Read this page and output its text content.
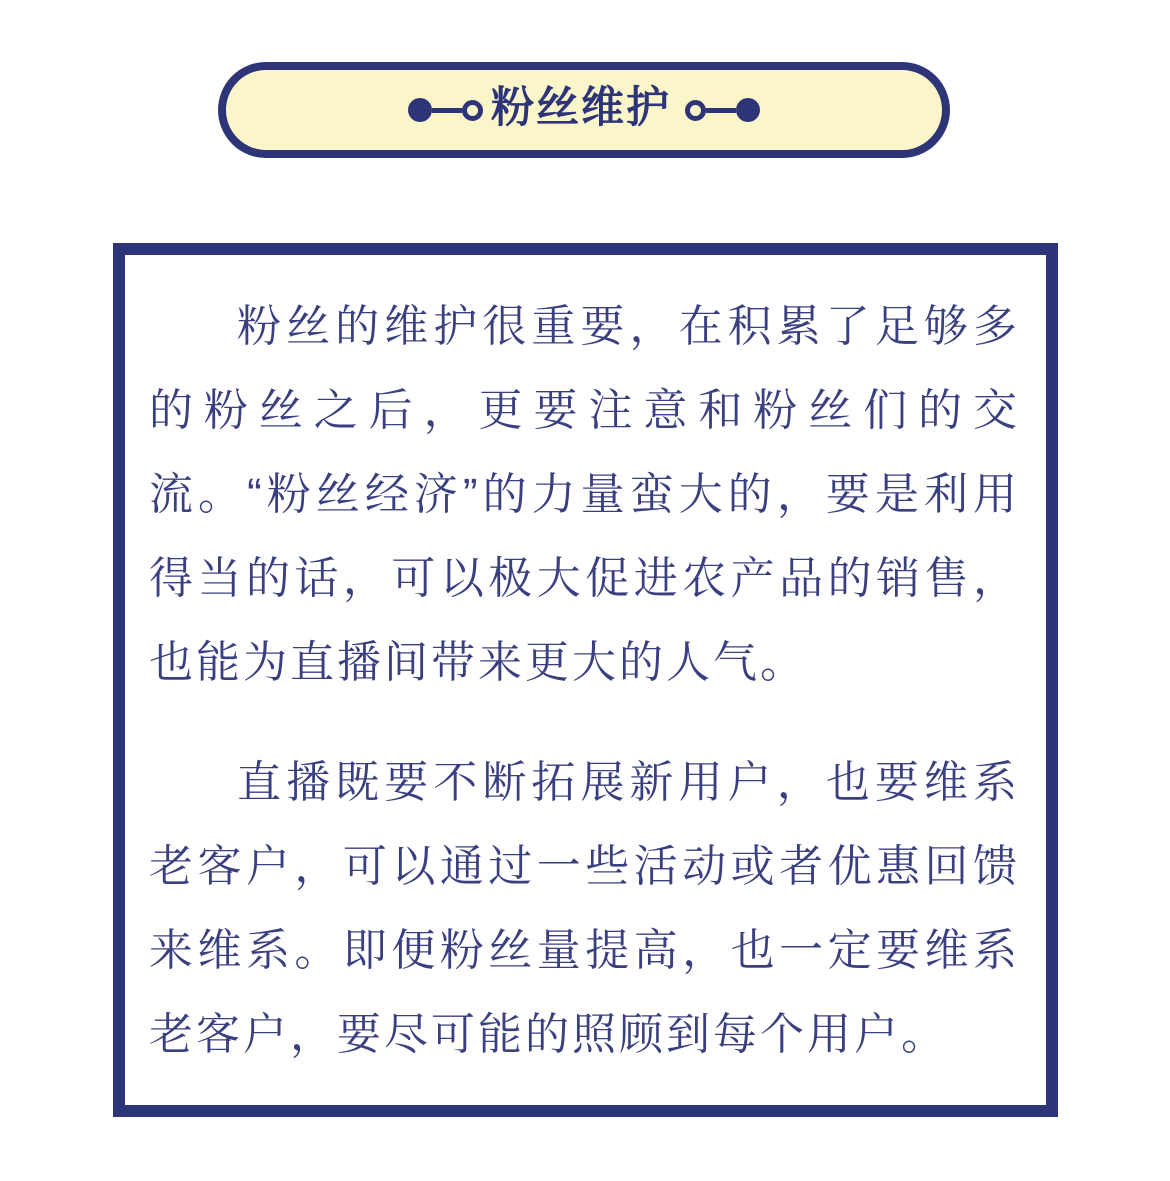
粉丝维护

粉丝的维护很重要，在积累了足够多的粉丝之后，更要注意和粉丝们的交流。“粉丝经济”的力量蛮大的，要是利用得当的话，可以极大促进农产品的销售，也能为直播间带来更大的人气。

直播既要不断拓展新用户，也要维系老客户，可以通过一些活动或者优惠回馈来维系。即便粉丝量提高，也一定要维系老客户，要尽可能的照顾到每个用户。
